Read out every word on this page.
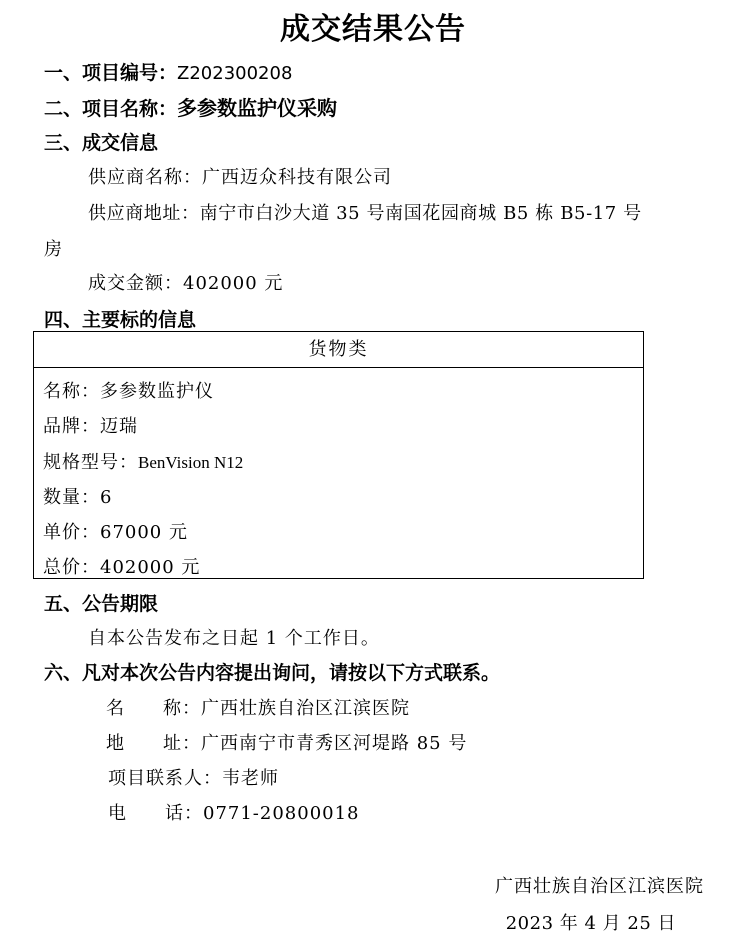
成交结果公告
一、项目编号：Z202300208
二、项目名称：多参数监护仪采购
三、成交信息
供应商名称：广西迈众科技有限公司
供应商地址：南宁市白沙大道 35 号南国花园商城 B5 栋 B5-17 号
房
成交金额：402000 元
四、主要标的信息
货物类
名称：多参数监护仪
品牌：迈瑞
规格型号：BenVision N12
数量：6
单价：67000 元
总价：402000 元
五、公告期限
自本公告发布之日起 1 个工作日。
六、凡对本次公告内容提出询问，请按以下方式联系。
名　　称：广西壮族自治区江滨医院
地　　址：广西南宁市青秀区河堤路 85 号
项目联系人：韦老师
电　　话：0771-20800018
广西壮族自治区江滨医院
2023 年 4 月 25 日
